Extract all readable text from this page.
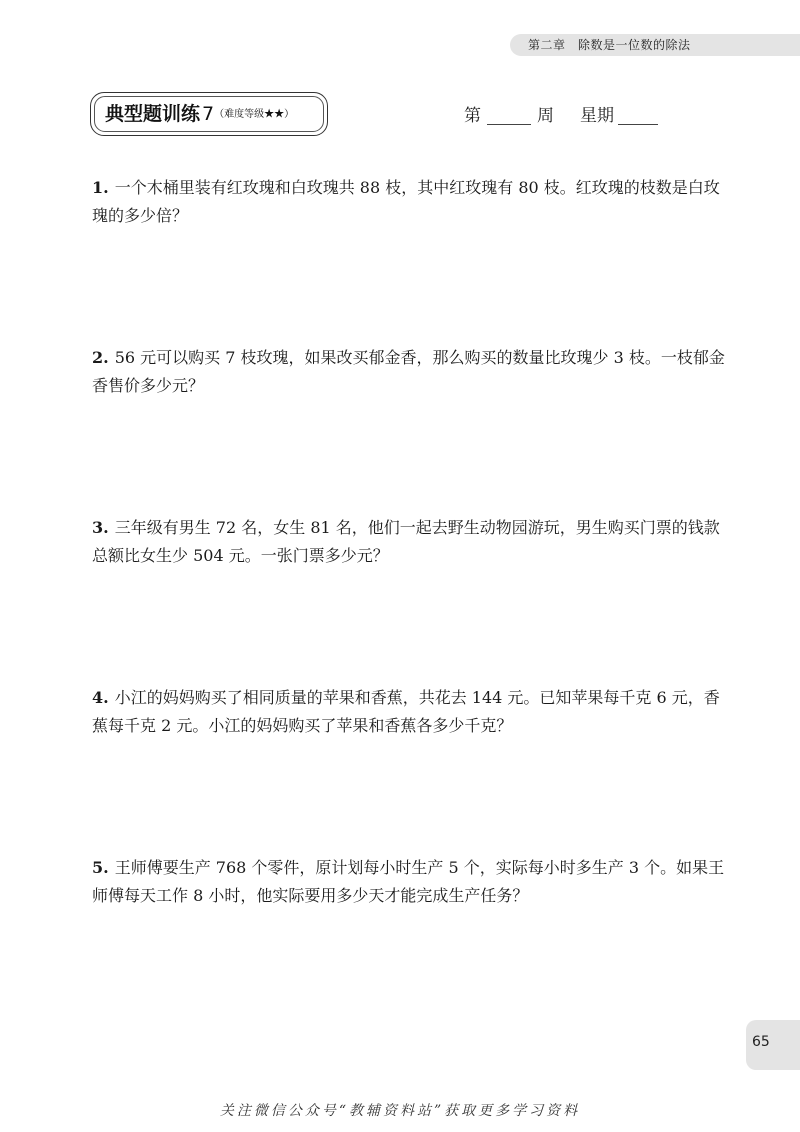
第二章　除数是一位数的除法
典型题训练 7（难度等级★★）	第	周 星期
1. 一个木桶里装有红玫瑰和白玫瑰共 88 枝，其中红玫瑰有 80 枝。红玫瑰的枝数是白玫瑰的多少倍？
2. 56 元可以购买 7 枝玫瑰，如果改买郁金香，那么购买的数量比玫瑰少 3 枝。一枝郁金香售价多少元？
3. 三年级有男生 72 名，女生 81 名，他们一起去野生动物园游玩，男生购买门票的钱款总额比女生少 504 元。一张门票多少元？
4. 小江的妈妈购买了相同质量的苹果和香蕉，共花去 144 元。已知苹果每千克 6 元，香蕉每千克 2 元。小江的妈妈购买了苹果和香蕉各多少千克？
5. 王师傅要生产 768 个零件，原计划每小时生产 5 个，实际每小时多生产 3 个。如果王师傅每天工作 8 小时，他实际要用多少天才能完成生产任务？
65
关注微信公众号“教辅资料站”获取更多学习资料
